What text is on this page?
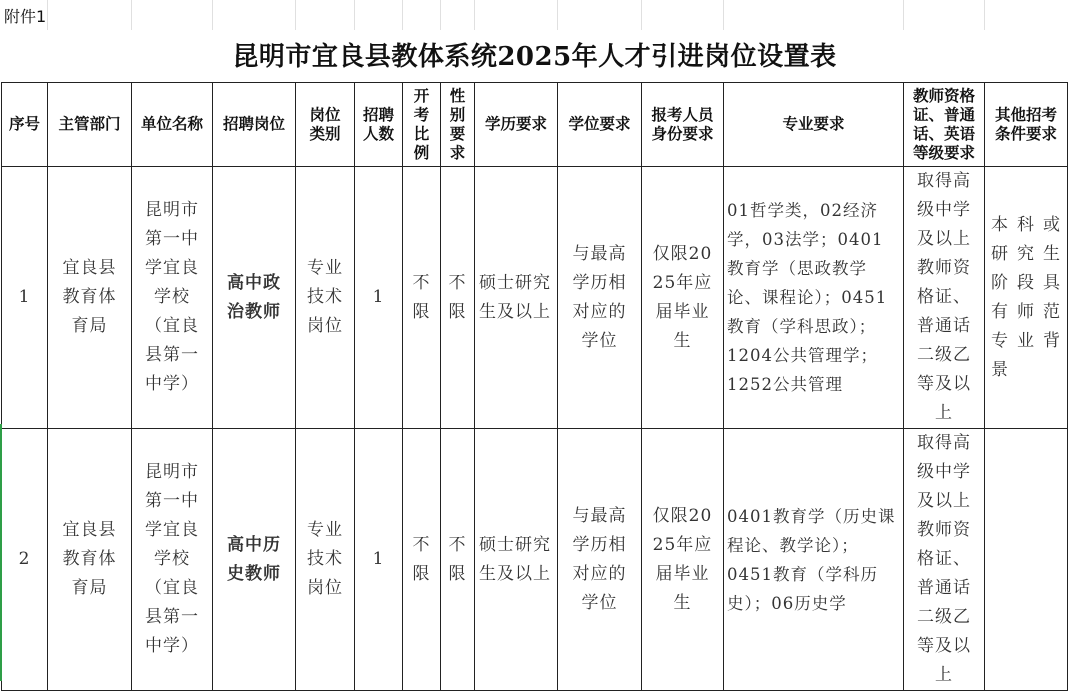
附件1
昆明市宜良县教体系统2025年人才引进岗位设置表
序号	主管部门	单位名称	招聘岗位	岗位类别	招聘人数	开考比例	性别要求	学历要求	学位要求	报考人员身份要求	专业要求	教师资格证、普通话、英语等级要求	其他招考条件要求
1	宜良县教育体育局	昆明市第一中学宜良学校（宜良县第一中学）	高中政治教师	专业技术岗位	1	不限	不限	硕士研究生及以上	与最高学历相对应的学位	仅限2025年应届毕业生	01哲学类，02经济学，03法学；0401教育学（思政教学论、课程论）；0451教育（学科思政）；1204公共管理学；1252公共管理	取得高级中学及以上教师资格证、普通话二级乙等及以上	本科或研究生阶段具有师范专业背景
2	宜良县教育体育局	昆明市第一中学宜良学校（宜良县第一中学）	高中历史教师	专业技术岗位	1	不限	不限	硕士研究生及以上	与最高学历相对应的学位	仅限2025年应届毕业生	0401教育学（历史课程论、教学论）；0451教育（学科历史）；06历史学	取得高级中学及以上教师资格证、普通话二级乙等及以上	
